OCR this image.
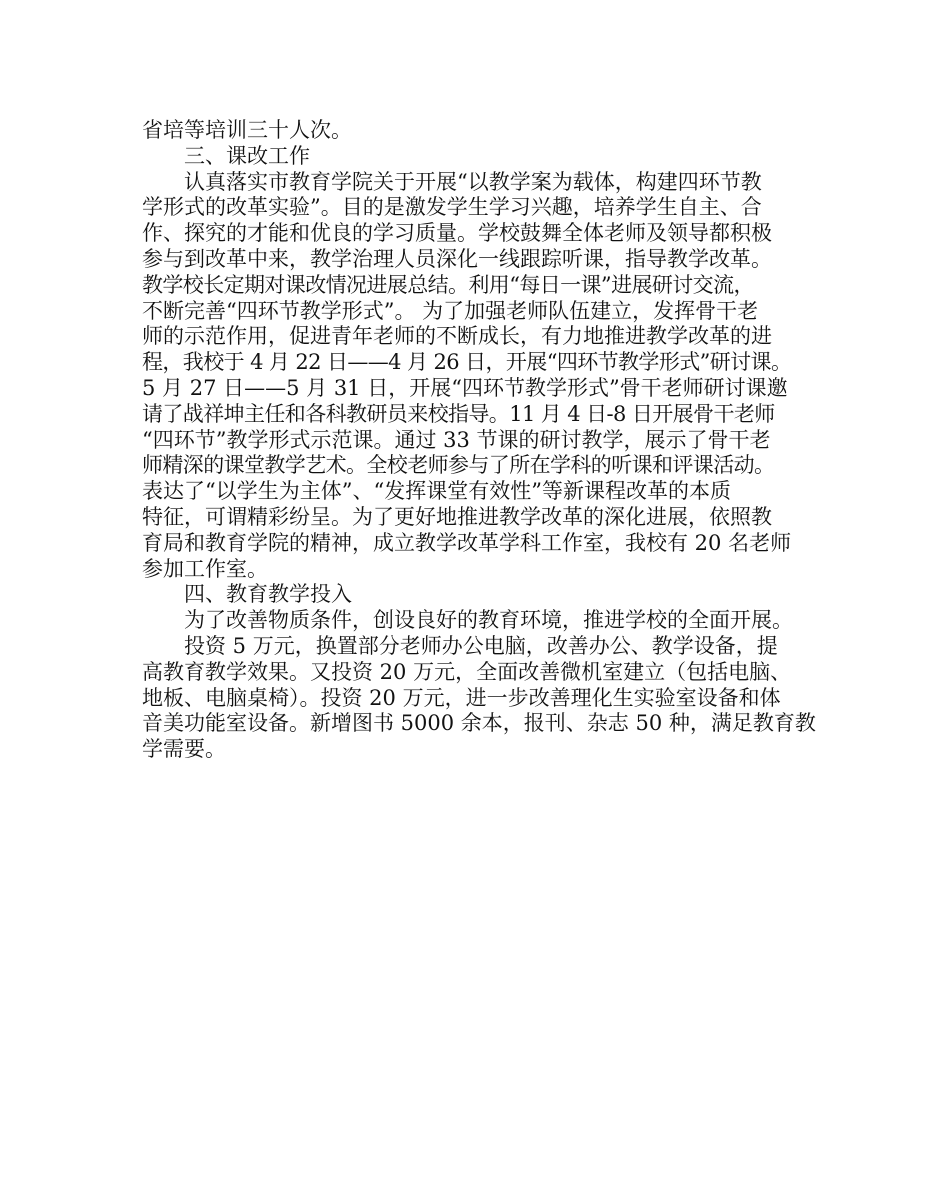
省培等培训三十人次。
三、课改工作
认真落实市教育学院关于开展“以教学案为载体，构建四环节教
学形式的改革实验”。目的是激发学生学习兴趣，培养学生自主、合
作、探究的才能和优良的学习质量。学校鼓舞全体老师及领导都积极
参与到改革中来，教学治理人员深化一线跟踪听课，指导教学改革。
教学校长定期对课改情况进展总结。利用“每日一课”进展研讨交流，
不断完善“四环节教学形式”。 为了加强老师队伍建立，发挥骨干老
师的示范作用，促进青年老师的不断成长，有力地推进教学改革的进
程，我校于 4 月 22 日——4 月 26 日，开展“四环节教学形式”研讨课。
5 月 27 日——5 月 31 日，开展“四环节教学形式”骨干老师研讨课邀
请了战祥坤主任和各科教研员来校指导。11 月 4 日-8 日开展骨干老师
“四环节”教学形式示范课。通过 33 节课的研讨教学，展示了骨干老
师精深的课堂教学艺术。全校老师参与了所在学科的听课和评课活动。
表达了“以学生为主体”、“发挥课堂有效性”等新课程改革的本质
特征，可谓精彩纷呈。为了更好地推进教学改革的深化进展，依照教
育局和教育学院的精神，成立教学改革学科工作室，我校有 20 名老师
参加工作室。
四、教育教学投入
为了改善物质条件，创设良好的教育环境，推进学校的全面开展。
投资 5 万元，换置部分老师办公电脑，改善办公、教学设备，提
高教育教学效果。又投资 20 万元，全面改善微机室建立（包括电脑、
地板、电脑桌椅）。投资 20 万元，进一步改善理化生实验室设备和体
音美功能室设备。新增图书 5000 余本，报刊、杂志 50 种，满足教育教
学需要。
